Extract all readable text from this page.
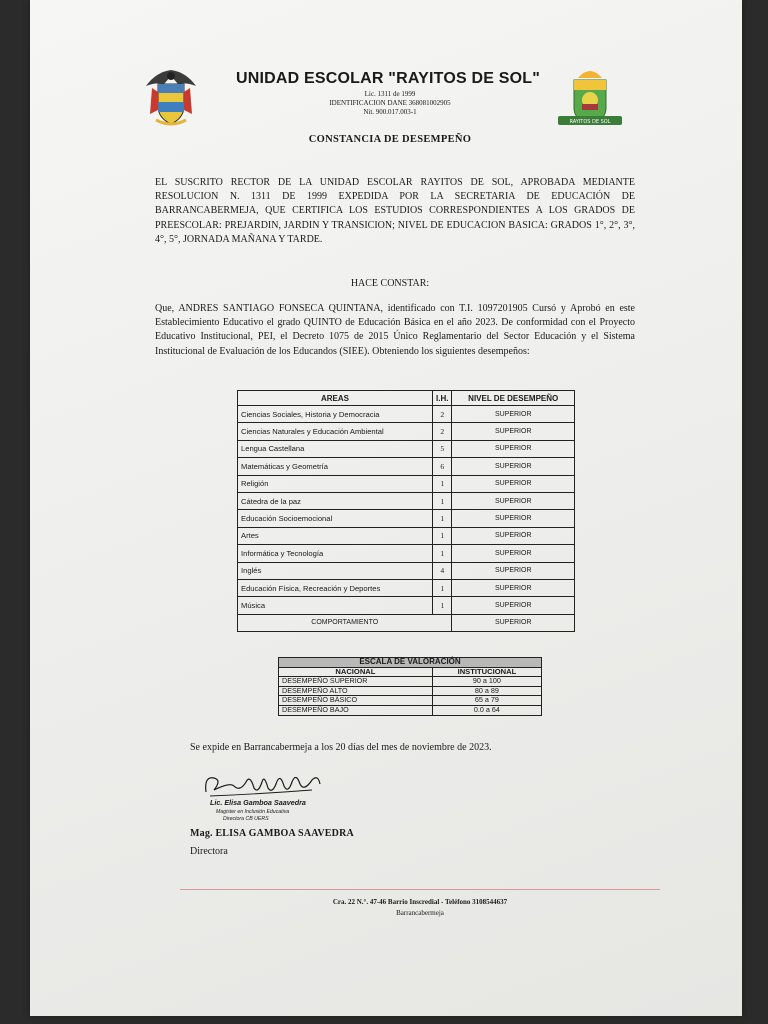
RAYITOS DE SOL
UNIDAD ESCOLAR "RAYITOS DE SOL"
Lic. 1311 de 1999
IDENTIFICACION DANE 368081002905
Nit. 900.017.003-1
CONSTANCIA DE DESEMPEÑO
EL SUSCRITO RECTOR DE LA UNIDAD ESCOLAR RAYITOS DE SOL, APROBADA MEDIANTE RESOLUCION N. 1311 DE 1999 EXPEDIDA POR LA SECRETARIA DE EDUCACIÓN DE BARRANCABERMEJA, QUE CERTIFICA LOS ESTUDIOS CORRESPONDIENTES A LOS GRADOS DE PREESCOLAR: PREJARDIN, JARDIN Y TRANSICION; NIVEL DE EDUCACION BASICA: GRADOS 1°, 2°, 3°, 4°, 5°, JORNADA MAÑANA Y TARDE.
HACE CONSTAR:
Que, ANDRES SANTIAGO FONSECA QUINTANA, identificado con T.I. 1097201905 Cursó y Aprobó en este Establecimiento Educativo el grado QUINTO de Educación Básica en el año 2023. De conformidad con el Proyecto Educativo Institucional, PEI, el Decreto 1075 de 2015 Único Reglamentario del Sector Educación y el Sistema Institucional de Evaluación de los Educandos (SIEE). Obteniendo los siguientes desempeños:
AREAS	I.H.	NIVEL DE DESEMPEÑO
Ciencias Sociales, Historia y Democracia	2	SUPERIOR
Ciencias Naturales y Educación Ambiental	2	SUPERIOR
Lengua Castellana	5	SUPERIOR
Matemáticas y Geometría	6	SUPERIOR
Religión	1	SUPERIOR
Cátedra de la paz	1	SUPERIOR
Educación Socioemocional	1	SUPERIOR
Artes	1	SUPERIOR
Informática y Tecnología	1	SUPERIOR
Inglés	4	SUPERIOR
Educación Física, Recreación y Deportes	1	SUPERIOR
Música	1	SUPERIOR
COMPORTAMIENTO		SUPERIOR
ESCALA DE VALORACIÓN	
NACIONAL	INSTITUCIONAL
DESEMPEÑO SUPERIOR	90 a 100
DESEMPEÑO ALTO	80 a 89
DESEMPEÑO BÁSICO	65 a 79
DESEMPEÑO BAJO	0.0 a 64
Se expide en Barrancabermeja a los 20 días del mes de noviembre de 2023.
Lic. Elisa Gamboa Saavedra
Magister en Inclusión Educativa
Directora CB UERS
Mag. ELISA GAMBOA SAAVEDRA
Directora
Cra. 22 N.°. 47-46 Barrio Inscredial - Teléfono 3108544637
Barrancabermeja
